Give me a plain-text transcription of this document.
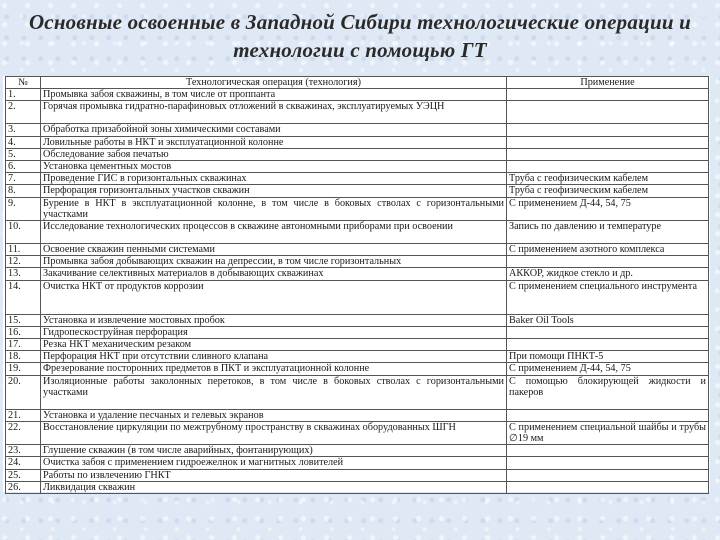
Основные освоенные в Западной Сибири технологические операции и технологии с помощью ГТ
№	Технологическая операция (технология)	Применение
1.	Промывка забоя скважины, в том числе от проппанта	
2.	Горячая промывка гидратно-парафиновых отложений в скважинах, эксплуатируемых УЭЦН	
3.	Обработка призабойной зоны химическими составами	
4.	Ловильные работы в НКТ и эксплуатационной колонне	
5.	Обследование забоя печатью	
6.	Установка цементных мостов	
7.	Проведение ГИС в горизонтальных скважинах	Труба с геофизическим кабелем
8.	Перфорация горизонтальных участков скважин	Труба с геофизическим кабелем
9.	Бурение в НКТ в эксплуатационной колонне, в том числе в боковых стволах с горизонтальными участками	С применением Д-44, 54, 75
10.	Исследование технологических процессов в скважине автономными приборами при освоении	Запись по давлению и температуре
11.	Освоение скважин пенными системами	С применением азотного комплекса
12.	Промывка забоя добывающих скважин на депрессии, в том числе горизонтальных	
13.	Закачивание селективных материалов в добывающих скважинах	АККОР, жидкое стекло и др.
14.	Очистка НКТ от продуктов коррозии	С применением специального инструмента
15.	Установка и извлечение мостовых пробок	Baker Oil Tools
16.	Гидропескоструйная перфорация	
17.	Резка НКТ механическим резаком	
18.	Перфорация НКТ при отсутствии сливного клапана	При помощи ПНКТ-5
19.	Фрезерование посторонних предметов в ПКТ и эксплуатационной колонне	С применением Д-44, 54, 75
20.	Изоляционные работы заколонных перетоков, в том числе в боковых стволах с горизонтальными участками	С помощью блокирующей жидкости и пакеров
21.	Установка и удаление песчаных и гелевых экранов	
22.	Восстановление циркуляции по межтрубному пространству в скважинах оборудованных ШГН	С применением специальной шайбы и трубы ∅19 мм
23.	Глушение скважин (в том числе аварийных, фонтанирующих)	
24.	Очистка забоя с применением гидроежелнок и магнитных ловителей	
25.	Работы по извлечению ГНКТ	
26.	Ликвидация скважин	
